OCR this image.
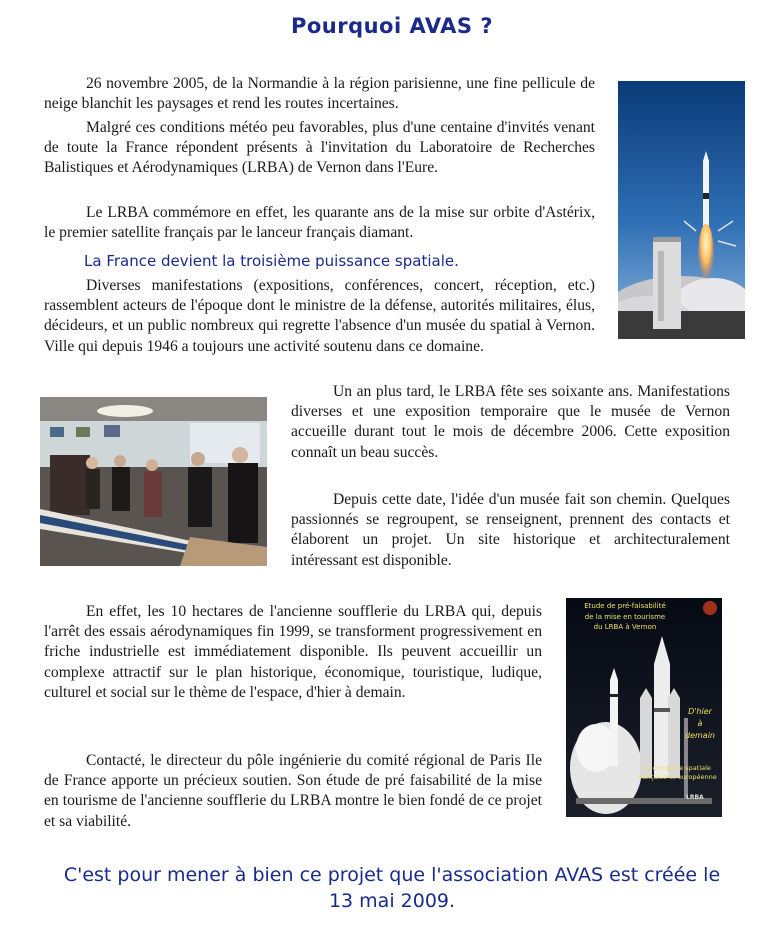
Pourquoi AVAS ?

26 novembre 2005, de la Normandie à la région parisienne, une fine pellicule de neige blanchit les paysages et rend les routes incertaines.

Malgré ces conditions météo peu favorables, plus d'une centaine d'invités venant de toute la France répondent présents à l'invitation du Laboratoire de Recherches Balistiques et Aérodynamiques (LRBA) de Vernon dans l'Eure.

Le LRBA commémore en effet, les quarante ans de la mise sur orbite d'Astérix, le premier satellite français par le lanceur français diamant.

La France devient la troisième puissance spatiale.

Diverses manifestations (expositions, conférences, concert, réception, etc.) rassemblent acteurs de l'époque dont le ministre de la défense, autorités militaires, élus, décideurs, et un public nombreux qui regrette l'absence d'un musée du spatial à Vernon. Ville qui depuis 1946 a toujours une activité soutenu dans ce domaine.

Un an plus tard, le LRBA fête ses soixante ans. Manifestations diverses et une exposition temporaire que le musée de Vernon accueille durant tout le mois de décembre 2006. Cette exposition connaît un beau succès.

Depuis cette date, l'idée d'un musée fait son chemin. Quelques passionnés se regroupent, se renseignent, prennent des contacts et élaborent un projet. Un site historique et architecturalement intéressant est disponible.

En effet, les 10 hectares de l'ancienne soufflerie du LRBA qui, depuis l'arrêt des essais aérodynamiques fin 1999, se transforment progressivement en friche industrielle est immédiatement disponible. Ils peuvent accueillir un complexe attractif sur le plan historique, économique, touristique, ludique, culturel et social sur le thème de l'espace, d'hier à demain.

Contacté, le directeur du pôle ingénierie du comité régional de Paris Ile de France apporte un précieux soutien. Son étude de pré faisabilité de la mise en tourisme de l'ancienne soufflerie du LRBA montre le bien fondé de ce projet et sa viabilité.

C'est pour mener à bien ce projet que l'association AVAS est créée le
13 mai 2009.
Etude de pré-faisabilité
de la mise en tourisme
du LRBA à Vernon
D'hier
à
demain
La conquête spatiale
française et européenne
LRBA
